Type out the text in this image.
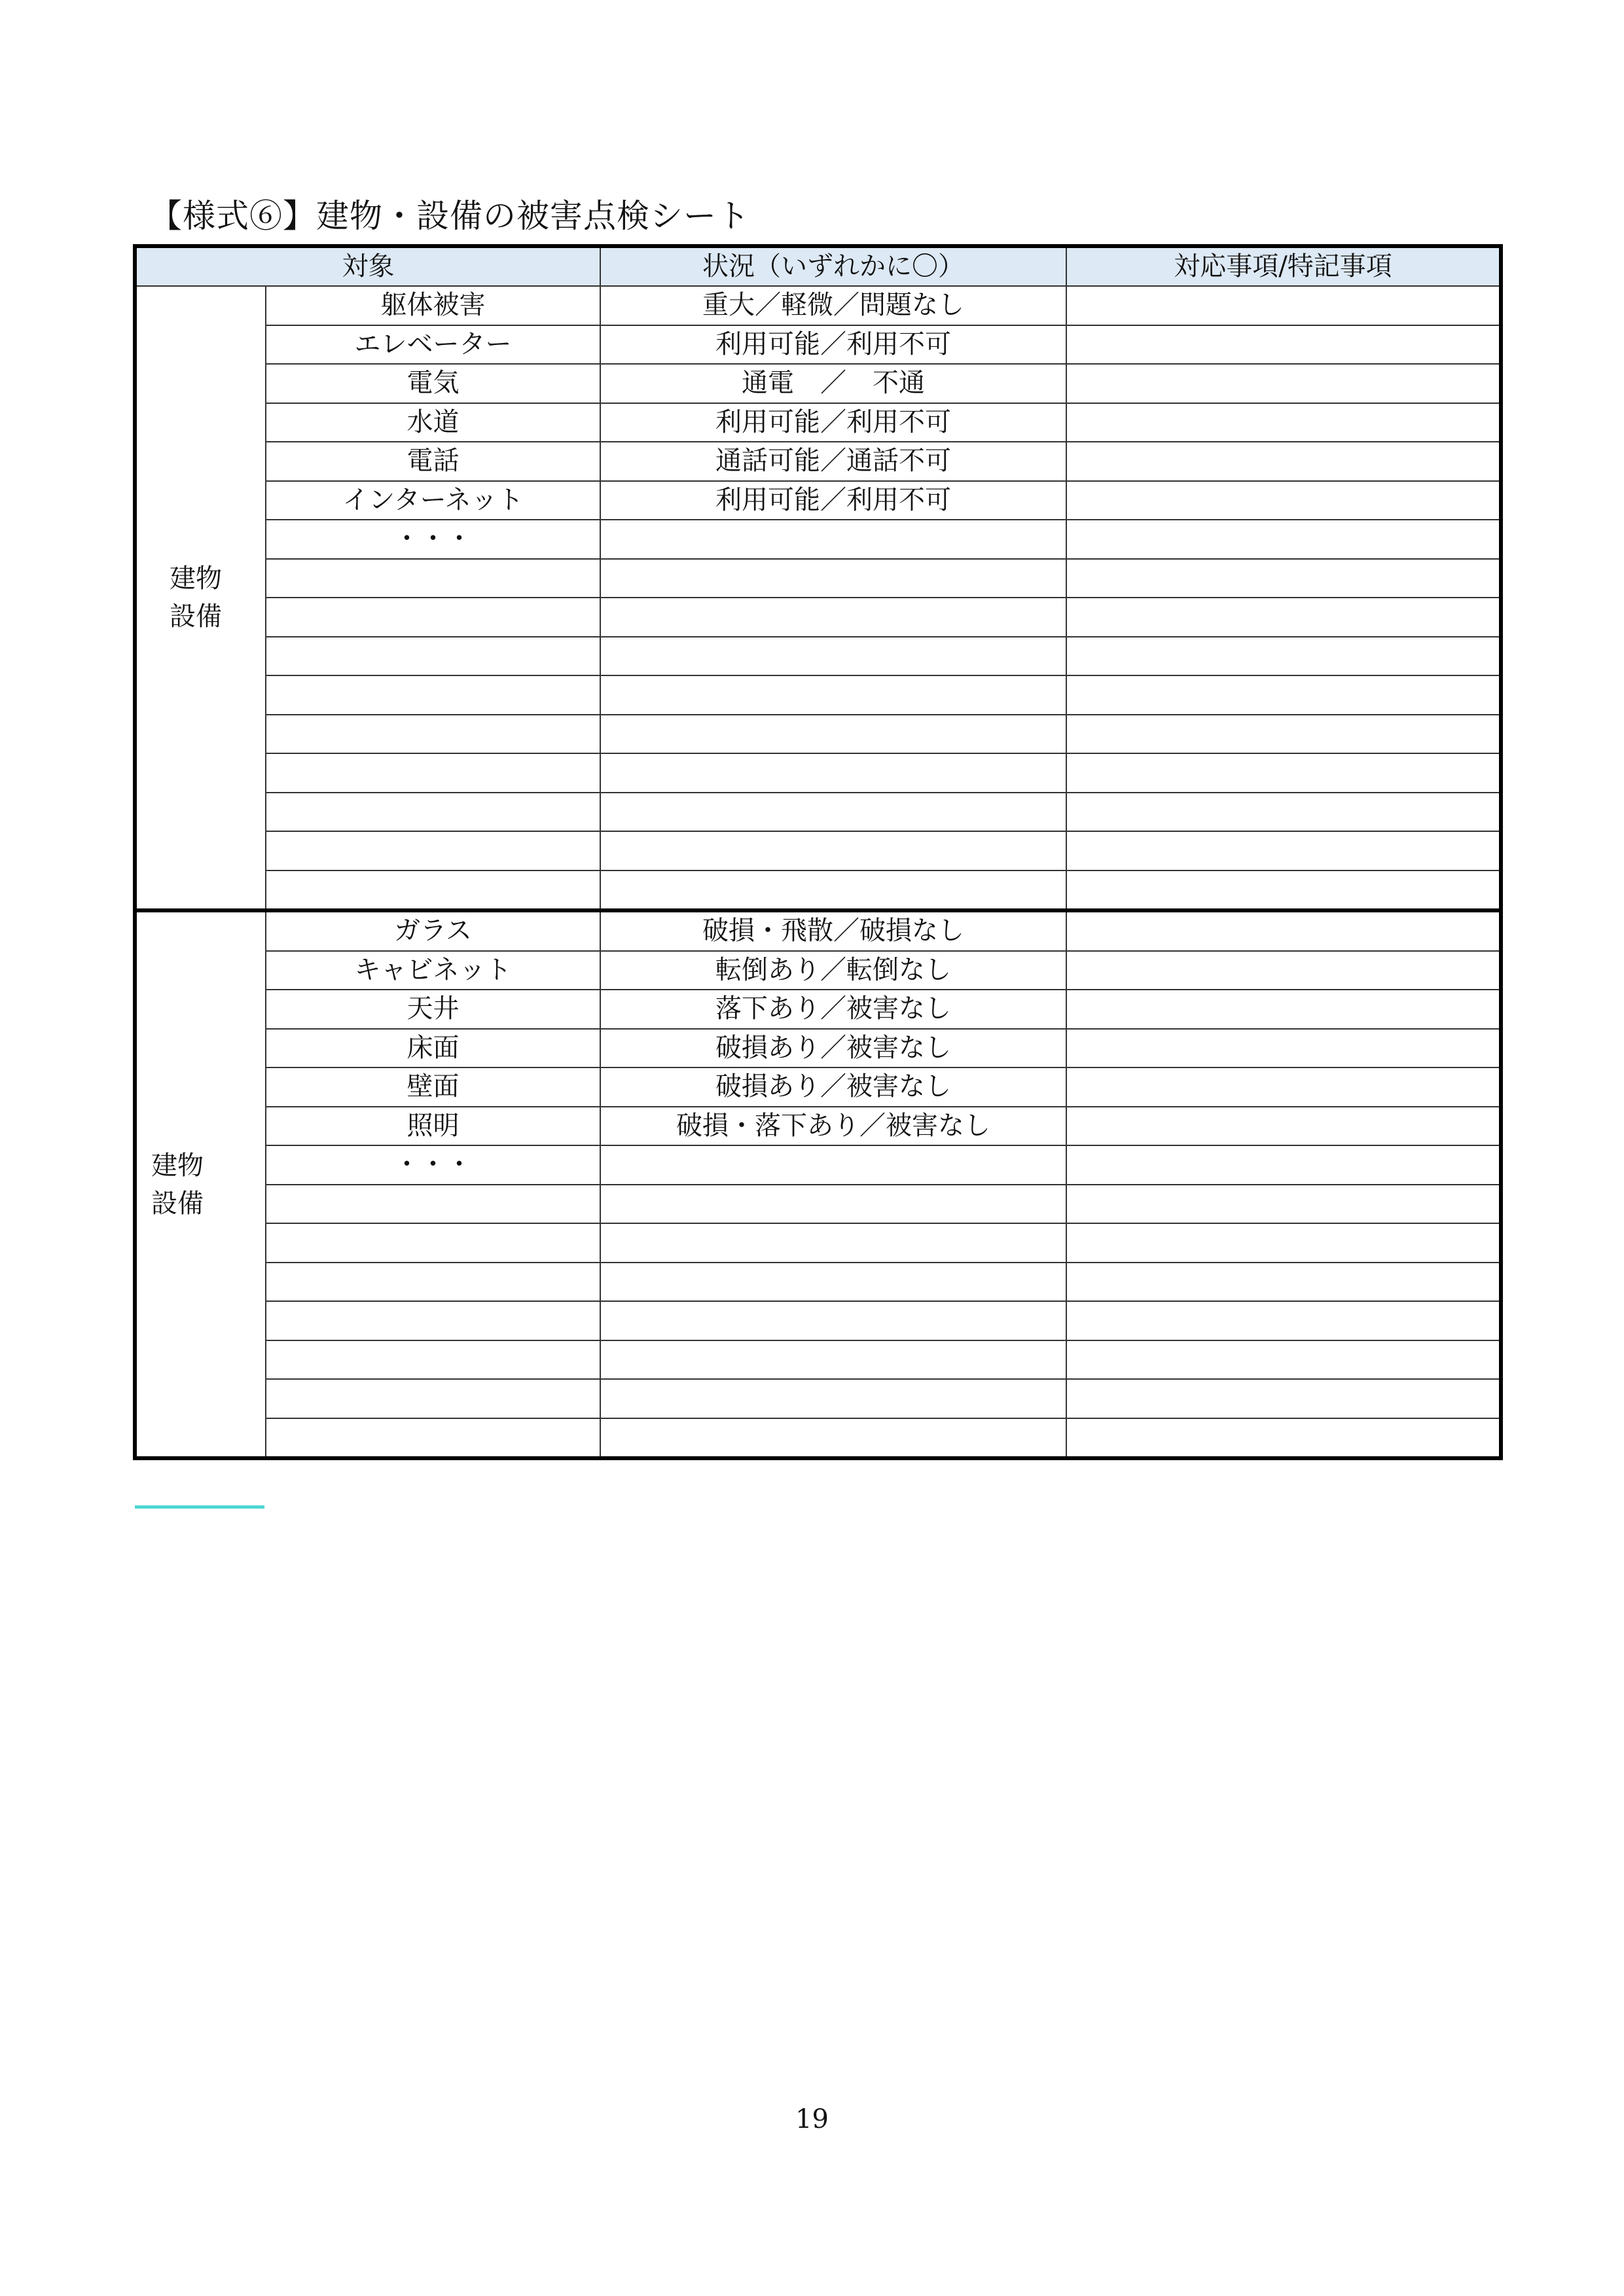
【様式⑥】建物・設備の被害点検シート
対象		状況（いずれかに〇）	対応事項/特記事項

建物
設備	躯体被害	重大／軽微／問題なし	
	エレベーター	利用可能／利用不可	
	電気	通電　／　不通	
	水道	利用可能／利用不可	
	電話	通話可能／通話不可	
	インターネット	利用可能／利用不可	
	・・・		

建物
設備	ガラス	破損・飛散／破損なし	
	キャビネット	転倒あり／転倒なし	
	天井	落下あり／被害なし	
	床面	破損あり／被害なし	
	壁面	破損あり／被害なし	
	照明	破損・落下あり／被害なし	
	・・・		

19
